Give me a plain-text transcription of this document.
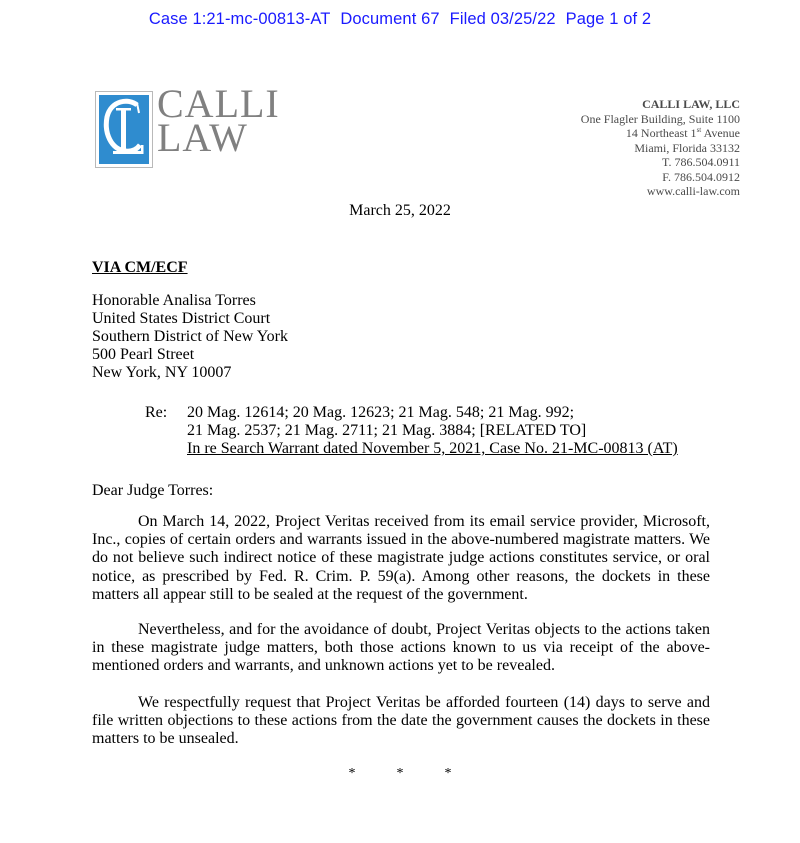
Case 1:21-mc-00813-AT Document 67 Filed 03/25/22 Page 1 of 2
CALLI
LAW
CALLI LAW, LLC
One Flagler Building, Suite 1100
14 Northeast 1st Avenue
Miami, Florida 33132
T. 786.504.0911
F. 786.504.0912
www.calli-law.com
March 25, 2022
VIA CM/ECF
Honorable Analisa Torres
United States District Court
Southern District of New York
500 Pearl Street
New York, NY 10007
Re: 20 Mag. 12614; 20 Mag. 12623; 21 Mag. 548; 21 Mag. 992;
21 Mag. 2537; 21 Mag. 2711; 21 Mag. 3884; [RELATED TO]
In re Search Warrant dated November 5, 2021, Case No. 21-MC-00813 (AT)
Dear Judge Torres:
On March 14, 2022, Project Veritas received from its email service provider, Microsoft, Inc., copies of certain orders and warrants issued in the above-numbered magistrate matters. We do not believe such indirect notice of these magistrate judge actions constitutes service, or oral notice, as prescribed by Fed. R. Crim. P. 59(a). Among other reasons, the dockets in these matters all appear still to be sealed at the request of the government.
Nevertheless, and for the avoidance of doubt, Project Veritas objects to the actions taken in these magistrate judge matters, both those actions known to us via receipt of the above-mentioned orders and warrants, and unknown actions yet to be revealed.
We respectfully request that Project Veritas be afforded fourteen (14) days to serve and file written objections to these actions from the date the government causes the dockets in these matters to be unsealed.
*	*	*
